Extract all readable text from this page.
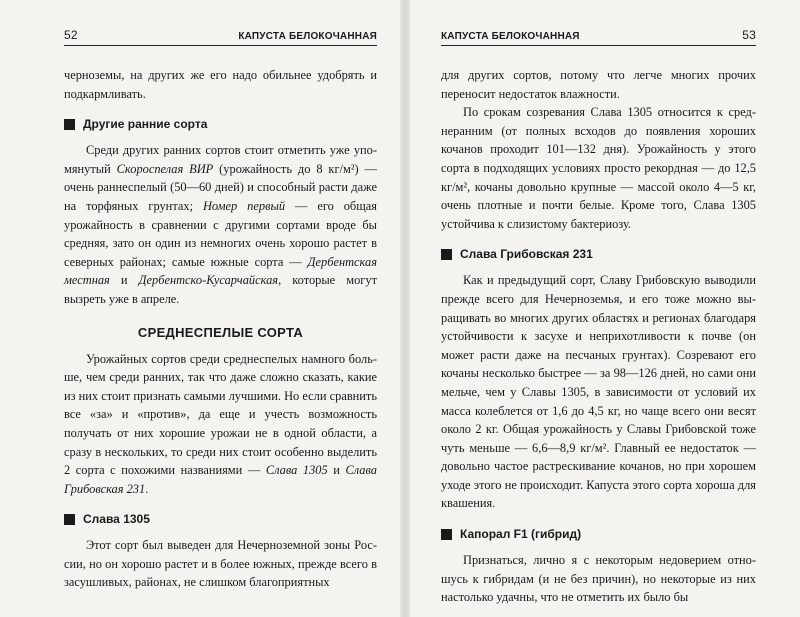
52	КАПУСТА БЕЛОКОЧАННАЯ

черноземы, на других же его надо обильнее удобрять и подкармливать.

Другие ранние сорта

Среди других ранних сортов стоит отметить уже упомянутый Скороспелая ВИР (урожайность до 8 кг/м²) — очень раннеспелый (50—60 дней) и способный расти даже на торфяных грунтах; Номер первый — его общая урожайность в сравнении с другими сортами вроде бы средняя, зато он один из немногих очень хорошо растет в северных районах; самые южные сорта — Дербентская местная и Дербентско-Кусарчайская, которые могут вызреть уже в апреле.

СРЕДНЕСПЕЛЫЕ СОРТА

Урожайных сортов среди среднеспелых намного больше, чем среди ранних, так что даже сложно сказать, какие из них стоит признать самыми лучшими. Но если сравнить все «за» и «против», да еще и учесть возможность получать от них хорошие урожаи не в одной области, а сразу в нескольких, то среди них стоит особенно выделить 2 сорта с похожими названиями — Слава 1305 и Слава Грибовская 231.

Слава 1305

Этот сорт был выведен для Нечерноземной зоны России, но он хорошо растет и в более южных, прежде всего в засушливых, районах, не слишком благоприятных

КАПУСТА БЕЛОКОЧАННАЯ	53

для других сортов, потому что легче многих прочих переносит недостаток влажности.

По срокам созревания Слава 1305 относится к среднеранним (от полных всходов до появления хороших кочанов проходит 101—132 дня). Урожайность у этого сорта в подходящих условиях просто рекордная — до 12,5 кг/м², кочаны довольно крупные — массой около 4—5 кг, очень плотные и почти белые. Кроме того, Слава 1305 устойчива к слизистому бактериозу.

Слава Грибовская 231

Как и предыдущий сорт, Славу Грибовскую выводили прежде всего для Нечерноземья, и его тоже можно выращивать во многих других областях и регионах благодаря устойчивости к засухе и неприхотливости к почве (он может расти даже на песчаных грунтах). Созревают его кочаны несколько быстрее — за 98—126 дней, но сами они мельче, чем у Славы 1305, в зависимости от условий их масса колеблется от 1,6 до 4,5 кг, но чаще всего они весят около 2 кг. Общая урожайность у Славы Грибовской тоже чуть меньше — 6,6—8,9 кг/м². Главный ее недостаток — довольно частое растрескивание кочанов, но при хорошем уходе этого не происходит. Капуста этого сорта хороша для квашения.

Капорал F1 (гибрид)

Признаться, лично я с некоторым недоверием отношусь к гибридам (и не без причин), но некоторые из них настолько удачны, что не отметить их было бы
